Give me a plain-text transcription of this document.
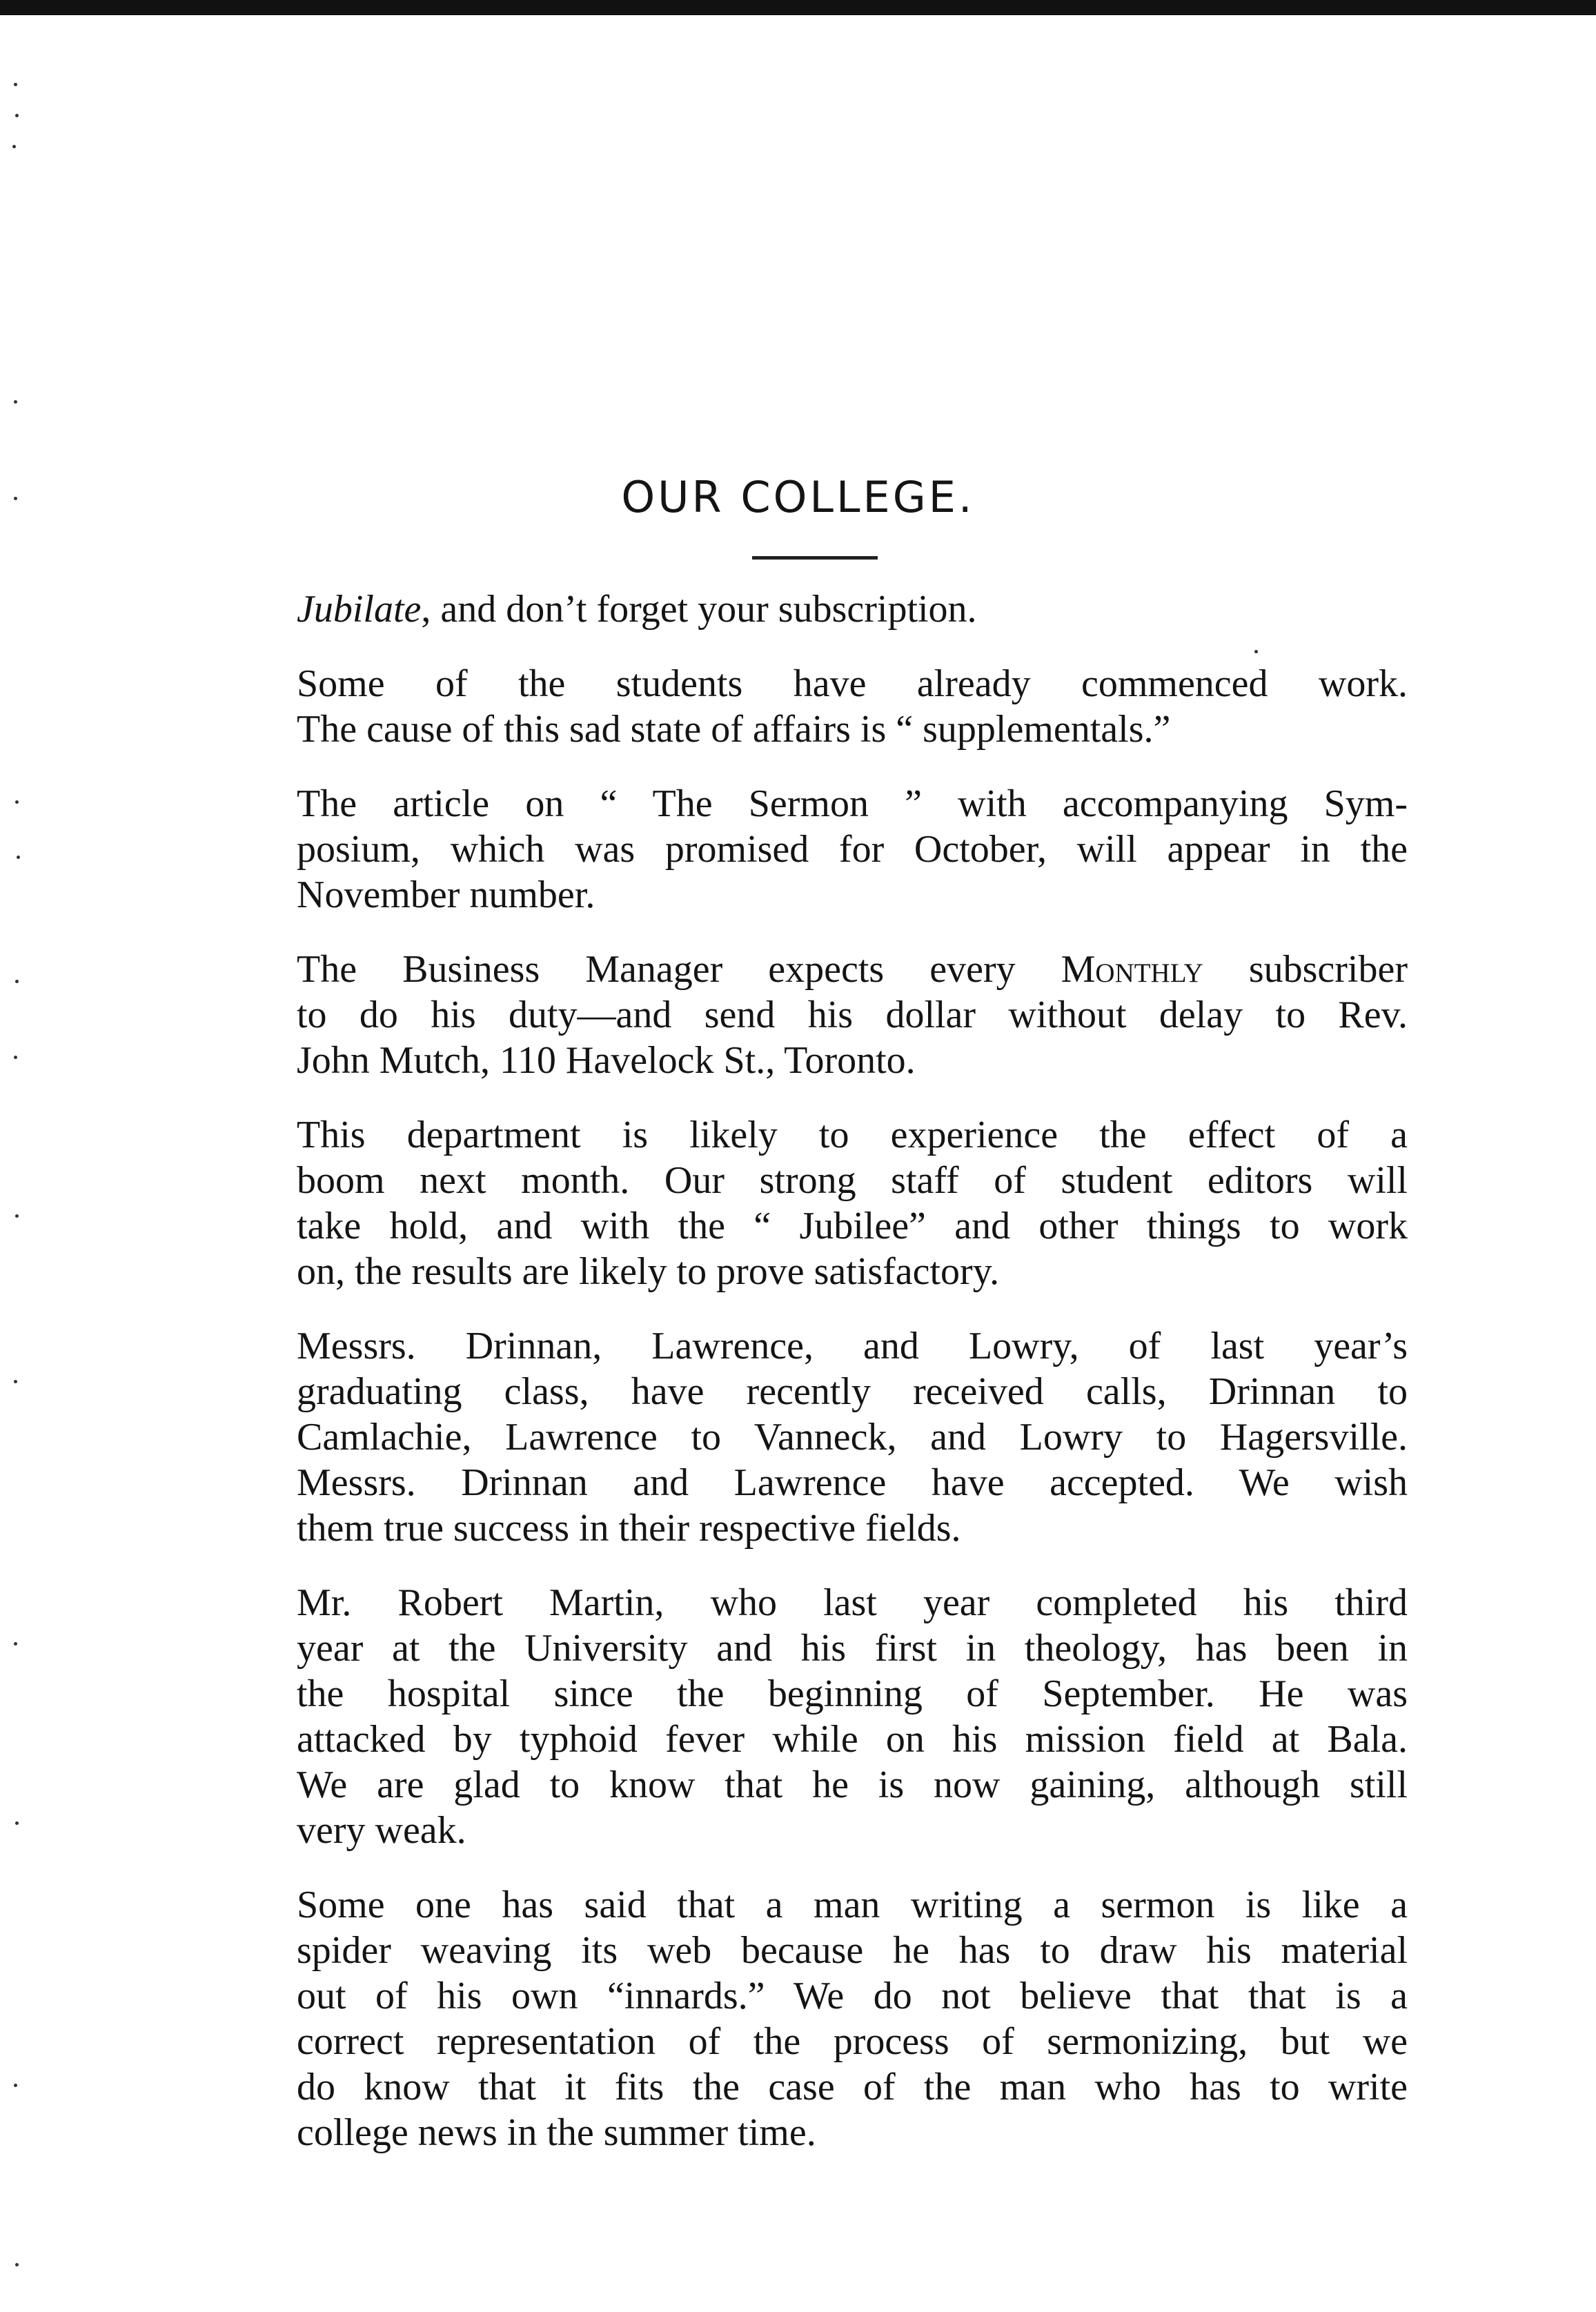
OUR COLLEGE.

Jubilate, and don’t forget your subscription.

Some of the students have already commenced work.
The cause of this sad state of affairs is “ supplementals.”

The article on “ The Sermon ” with accompanying Sym-
posium, which was promised for October, will appear in the
November number.

The Business Manager expects every Monthly subscriber
to do his duty—and send his dollar without delay to Rev.
John Mutch, 110 Havelock St., Toronto.

This department is likely to experience the effect of a
boom next month. Our strong staff of student editors will
take hold, and with the “ Jubilee” and other things to work
on, the results are likely to prove satisfactory.

Messrs. Drinnan, Lawrence, and Lowry, of last year’s
graduating class, have recently received calls, Drinnan to
Camlachie, Lawrence to Vanneck, and Lowry to Hagersville.
Messrs. Drinnan and Lawrence have accepted. We wish
them true success in their respective fields.

Mr. Robert Martin, who last year completed his third
year at the University and his first in theology, has been in
the hospital since the beginning of September. He was
attacked by typhoid fever while on his mission field at Bala.
We are glad to know that he is now gaining, although still
very weak.

Some one has said that a man writing a sermon is like a
spider weaving its web because he has to draw his material
out of his own “innards.” We do not believe that that is a
correct representation of the process of sermonizing, but we
do know that it fits the case of the man who has to write
college news in the summer time.
